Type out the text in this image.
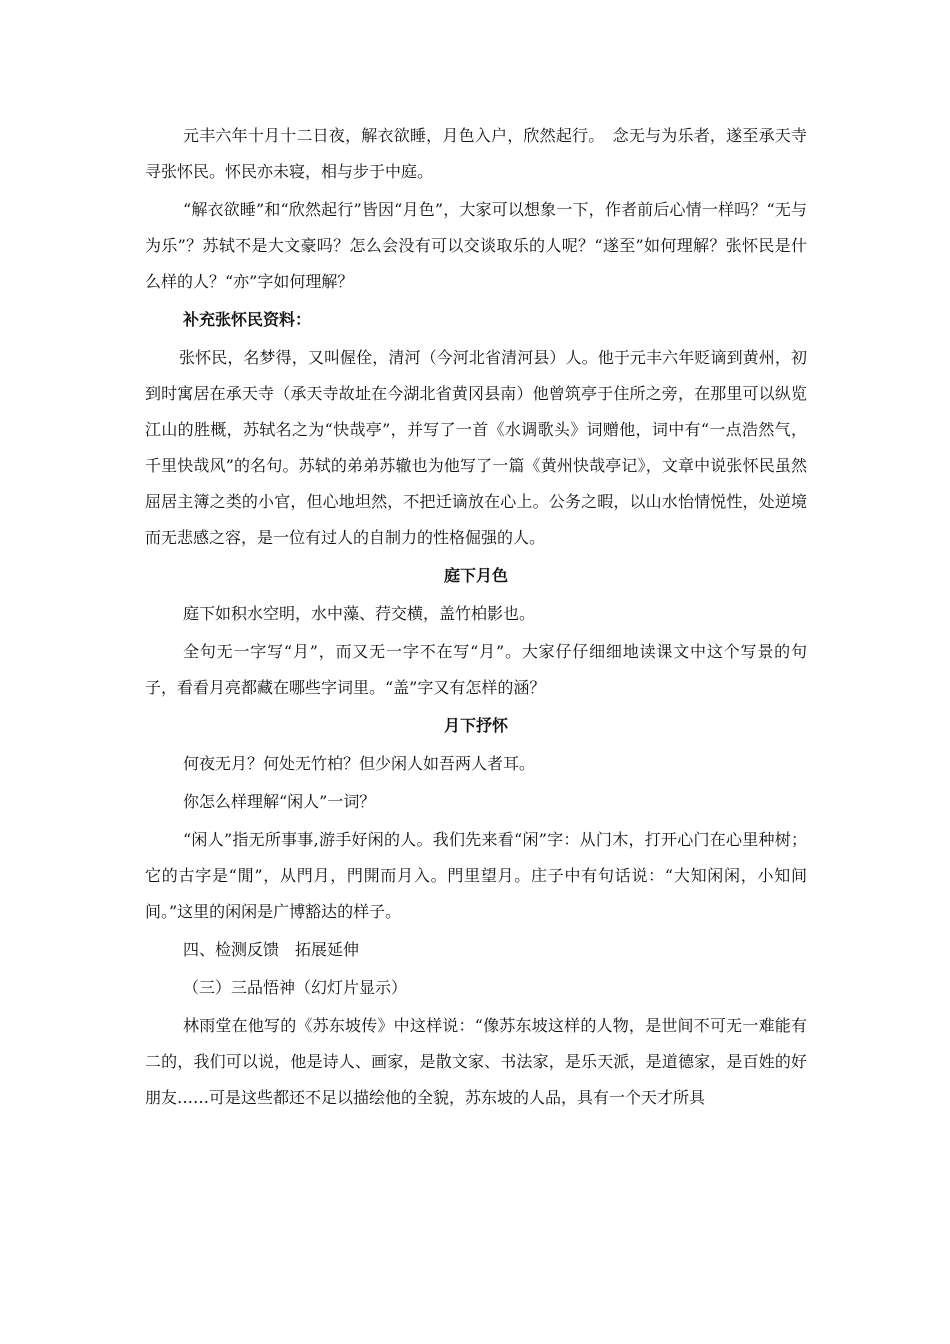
元丰六年十月十二日夜，解衣欲睡，月色入户，欣然起行。　念无与为乐者，遂至承天寺寻张怀民。怀民亦未寝，相与步于中庭。

“解衣欲睡”和“欣然起行”皆因“月色”，大家可以想象一下，作者前后心情一样吗？“无与为乐”？苏轼不是大文豪吗？怎么会没有可以交谈取乐的人呢？“遂至”如何理解？张怀民是什么样的人？“亦”字如何理解？

补充张怀民资料：

张怀民，名梦得，又叫偓佺，清河（今河北省清河县）人。他于元丰六年贬谪到黄州，初到时寓居在承天寺（承天寺故址在今湖北省黄冈县南）他曾筑亭于住所之旁，在那里可以纵览江山的胜概，苏轼名之为“快哉亭”，并写了一首《水调歌头》词赠他，词中有“一点浩然气，千里快哉风”的名句。苏轼的弟弟苏辙也为他写了一篇《黄州快哉亭记》，文章中说张怀民虽然屈居主簿之类的小官，但心地坦然，不把迁谪放在心上。公务之暇，以山水怡情悦性，处逆境而无悲感之容，是一位有过人的自制力的性格倔强的人。

庭下月色

庭下如积水空明，水中藻、荇交横，盖竹柏影也。

全句无一字写“月”，而又无一字不在写“月”。大家仔仔细细地读课文中这个写景的句子，看看月亮都藏在哪些字词里。“盖”字又有怎样的涵？

月下抒怀

何夜无月？何处无竹柏？但少闲人如吾两人者耳。

你怎么样理解“闲人”一词？

“闲人”指无所事事,游手好闲的人。我们先来看“闲”字：从门木，打开心门在心里种树；它的古字是“閒”，从門月，門開而月入。門里望月。庄子中有句话说：“大知闲闲，小知间间。”这里的闲闲是广博豁达的样子。

四、检测反馈　拓展延伸

（三）三品悟神（幻灯片显示）

林雨堂在他写的《苏东坡传》中这样说：“像苏东坡这样的人物，是世间不可无一难能有二的，我们可以说，他是诗人、画家，是散文家、书法家，是乐天派，是道德家，是百姓的好朋友……可是这些都还不足以描绘他的全貌，苏东坡的人品，具有一个天才所具
